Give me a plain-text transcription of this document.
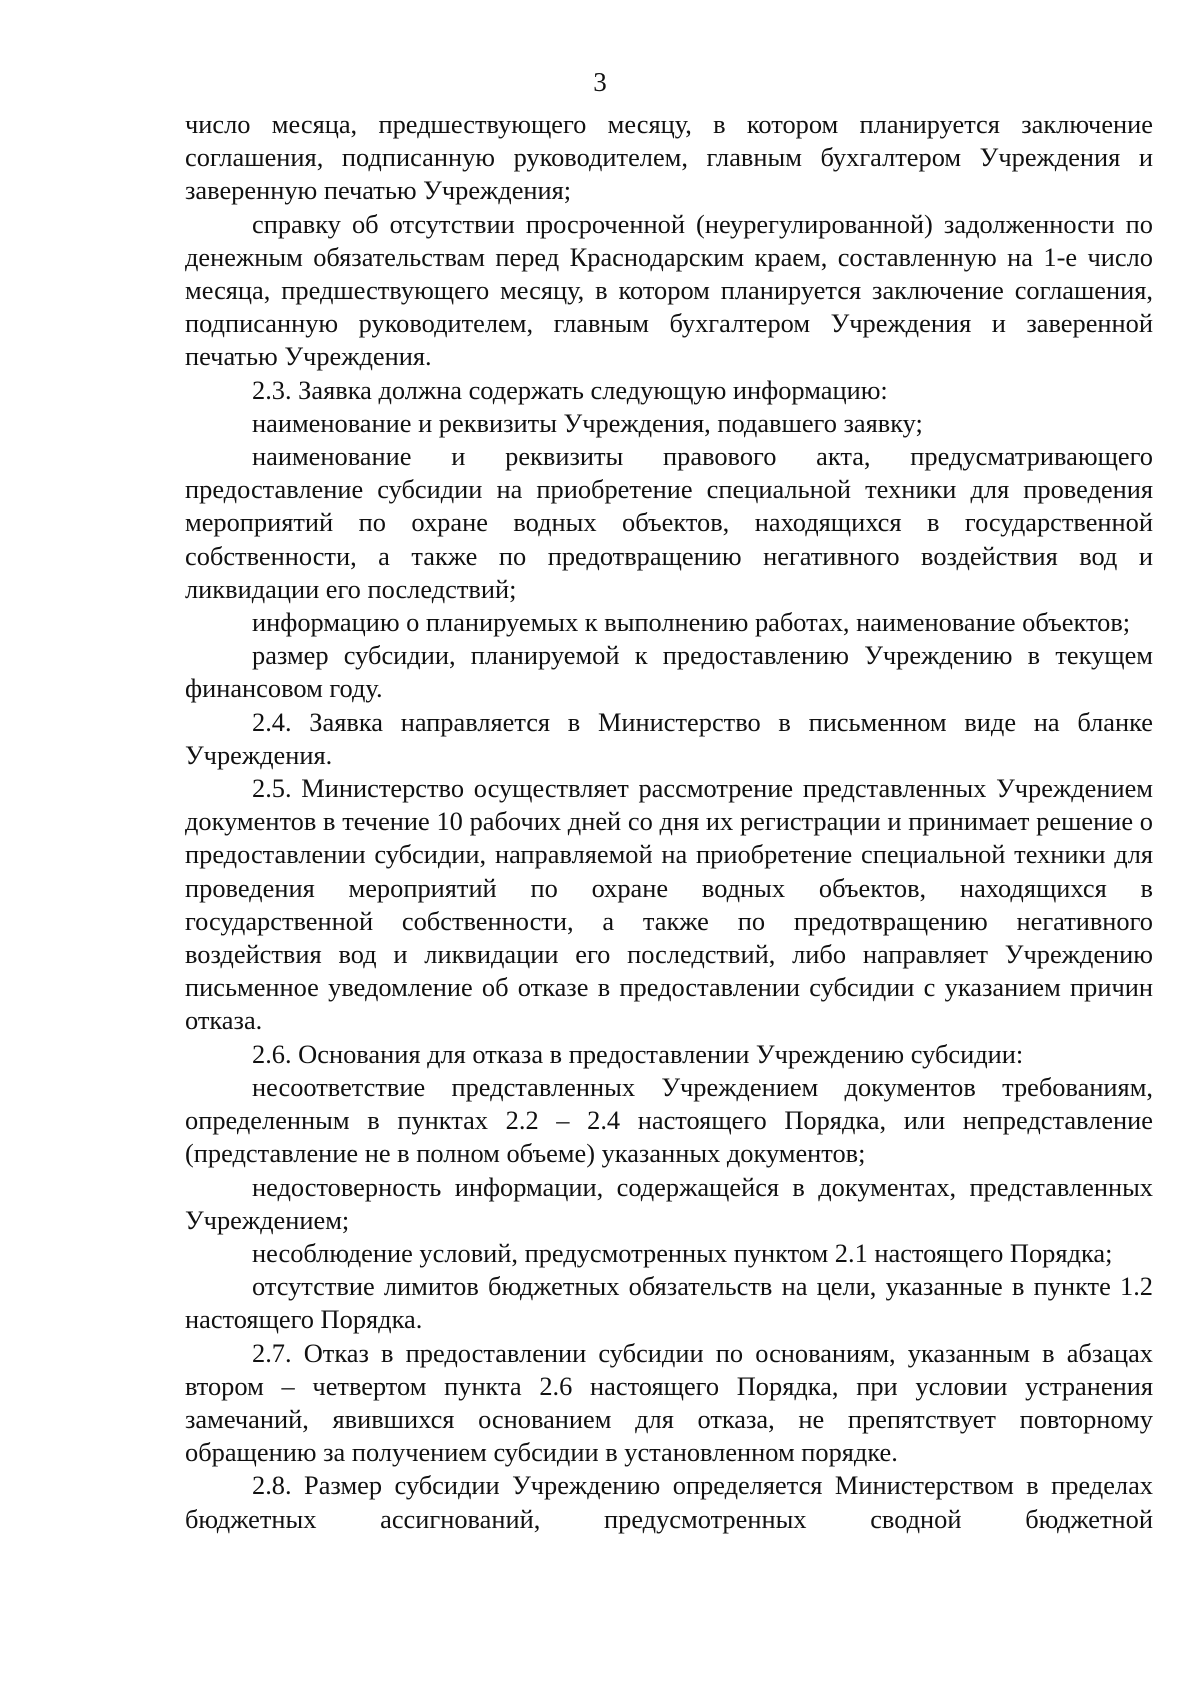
3

число месяца, предшествующего месяцу, в котором планируется заключение соглашения, подписанную руководителем, главным бухгалтером Учреждения и заверенную печатью Учреждения;

справку об отсутствии просроченной (неурегулированной) задолженности по денежным обязательствам перед Краснодарским краем, составленную на 1-е число месяца, предшествующего месяцу, в котором планируется заключение соглашения, подписанную руководителем, главным бухгалтером Учреждения и заверенной печатью Учреждения.

2.3. Заявка должна содержать следующую информацию:

наименование и реквизиты Учреждения, подавшего заявку;

наименование и реквизиты правового акта, предусматривающего предоставление субсидии на приобретение специальной техники для проведения мероприятий по охране водных объектов, находящихся в государственной собственности, а также по предотвращению негативного воздействия вод и ликвидации его последствий;

информацию о планируемых к выполнению работах, наименование объектов;

размер субсидии, планируемой к предоставлению Учреждению в текущем финансовом году.

2.4. Заявка направляется в Министерство в письменном виде на бланке Учреждения.

2.5. Министерство осуществляет рассмотрение представленных Учреждением документов в течение 10 рабочих дней со дня их регистрации и принимает решение о предоставлении субсидии, направляемой на приобретение специальной техники для проведения мероприятий по охране водных объектов, находящихся в государственной собственности, а также по предотвращению негативного воздействия вод и ликвидации его последствий, либо направляет Учреждению письменное уведомление об отказе в предоставлении субсидии с указанием причин отказа.

2.6. Основания для отказа в предоставлении Учреждению субсидии:

несоответствие представленных Учреждением документов требованиям, определенным в пунктах 2.2 – 2.4 настоящего Порядка, или непредставление (представление не в полном объеме) указанных документов;

недостоверность информации, содержащейся в документах, представленных Учреждением;

несоблюдение условий, предусмотренных пунктом 2.1 настоящего Порядка;

отсутствие лимитов бюджетных обязательств на цели, указанные в пункте 1.2 настоящего Порядка.

2.7. Отказ в предоставлении субсидии по основаниям, указанным в абзацах втором – четвертом пункта 2.6 настоящего Порядка, при условии устранения замечаний, явившихся основанием для отказа, не препятствует повторному обращению за получением субсидии в установленном порядке.

2.8. Размер субсидии Учреждению определяется Министерством в пределах бюджетных ассигнований, предусмотренных сводной бюджетной
